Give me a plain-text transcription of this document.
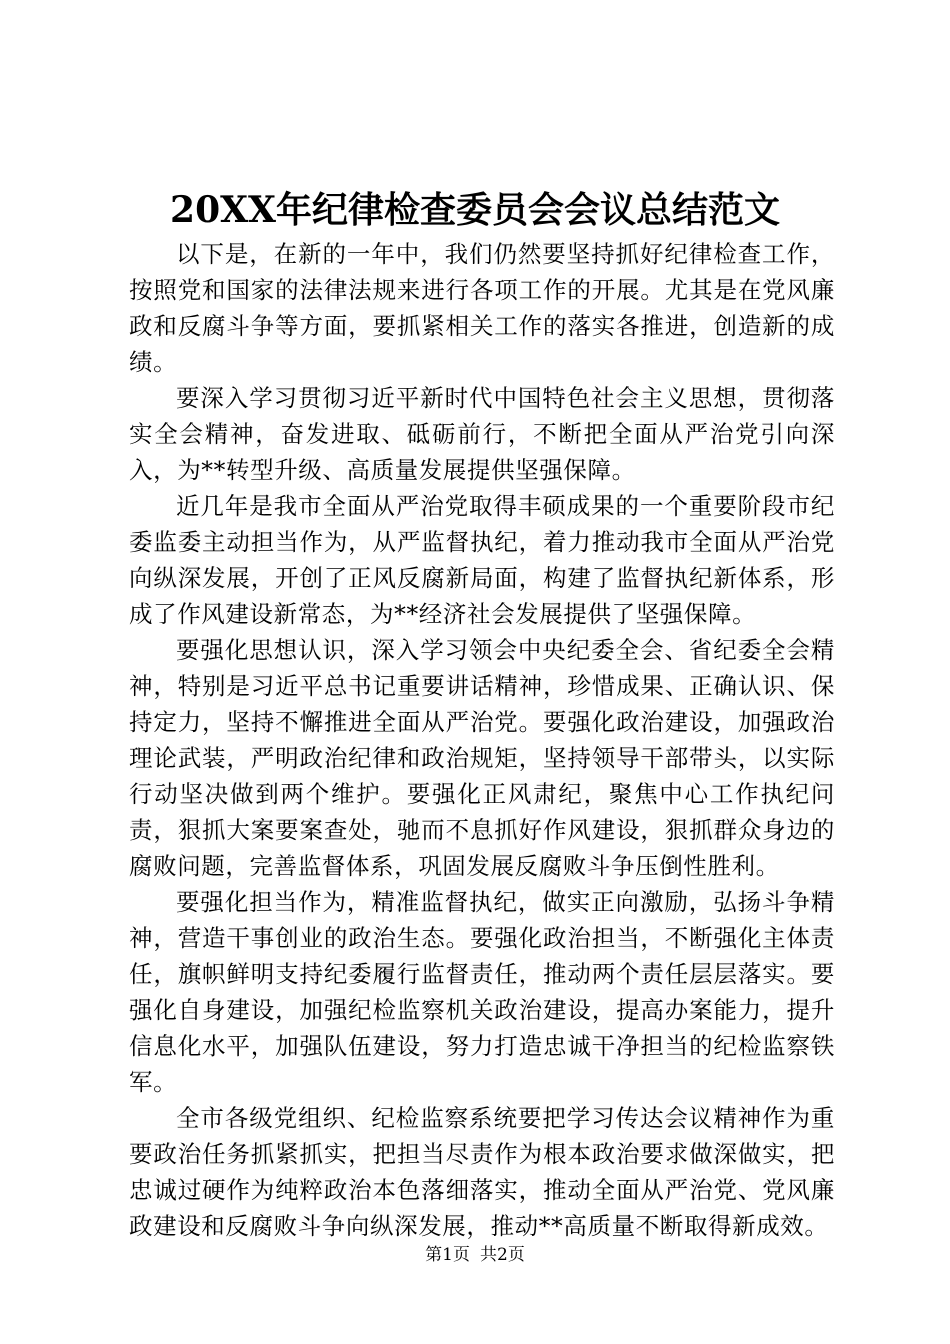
20XX年纪律检查委员会会议总结范文

以下是，在新的一年中，我们仍然要坚持抓好纪律检查工作，按照党和国家的法律法规来进行各项工作的开展。尤其是在党风廉政和反腐斗争等方面，要抓紧相关工作的落实各推进，创造新的成绩。

要深入学习贯彻习近平新时代中国特色社会主义思想，贯彻落实全会精神，奋发进取、砥砺前行，不断把全面从严治党引向深入，为**转型升级、高质量发展提供坚强保障。

近几年是我市全面从严治党取得丰硕成果的一个重要阶段市纪委监委主动担当作为，从严监督执纪，着力推动我市全面从严治党向纵深发展，开创了正风反腐新局面，构建了监督执纪新体系，形成了作风建设新常态，为**经济社会发展提供了坚强保障。

要强化思想认识，深入学习领会中央纪委全会、省纪委全会精神，特别是习近平总书记重要讲话精神，珍惜成果、正确认识、保持定力，坚持不懈推进全面从严治党。要强化政治建设，加强政治理论武装，严明政治纪律和政治规矩，坚持领导干部带头，以实际行动坚决做到两个维护。要强化正风肃纪，聚焦中心工作执纪问责，狠抓大案要案查处，驰而不息抓好作风建设，狠抓群众身边的腐败问题，完善监督体系，巩固发展反腐败斗争压倒性胜利。

要强化担当作为，精准监督执纪，做实正向激励，弘扬斗争精神，营造干事创业的政治生态。要强化政治担当，不断强化主体责任，旗帜鲜明支持纪委履行监督责任，推动两个责任层层落实。要强化自身建设，加强纪检监察机关政治建设，提高办案能力，提升信息化水平，加强队伍建设，努力打造忠诚干净担当的纪检监察铁军。

全市各级党组织、纪检监察系统要把学习传达会议精神作为重要政治任务抓紧抓实，把担当尽责作为根本政治要求做深做实，把忠诚过硬作为纯粹政治本色落细落实，推动全面从严治党、党风廉政建设和反腐败斗争向纵深发展，推动**高质量不断取得新成效。

第1页 共2页
